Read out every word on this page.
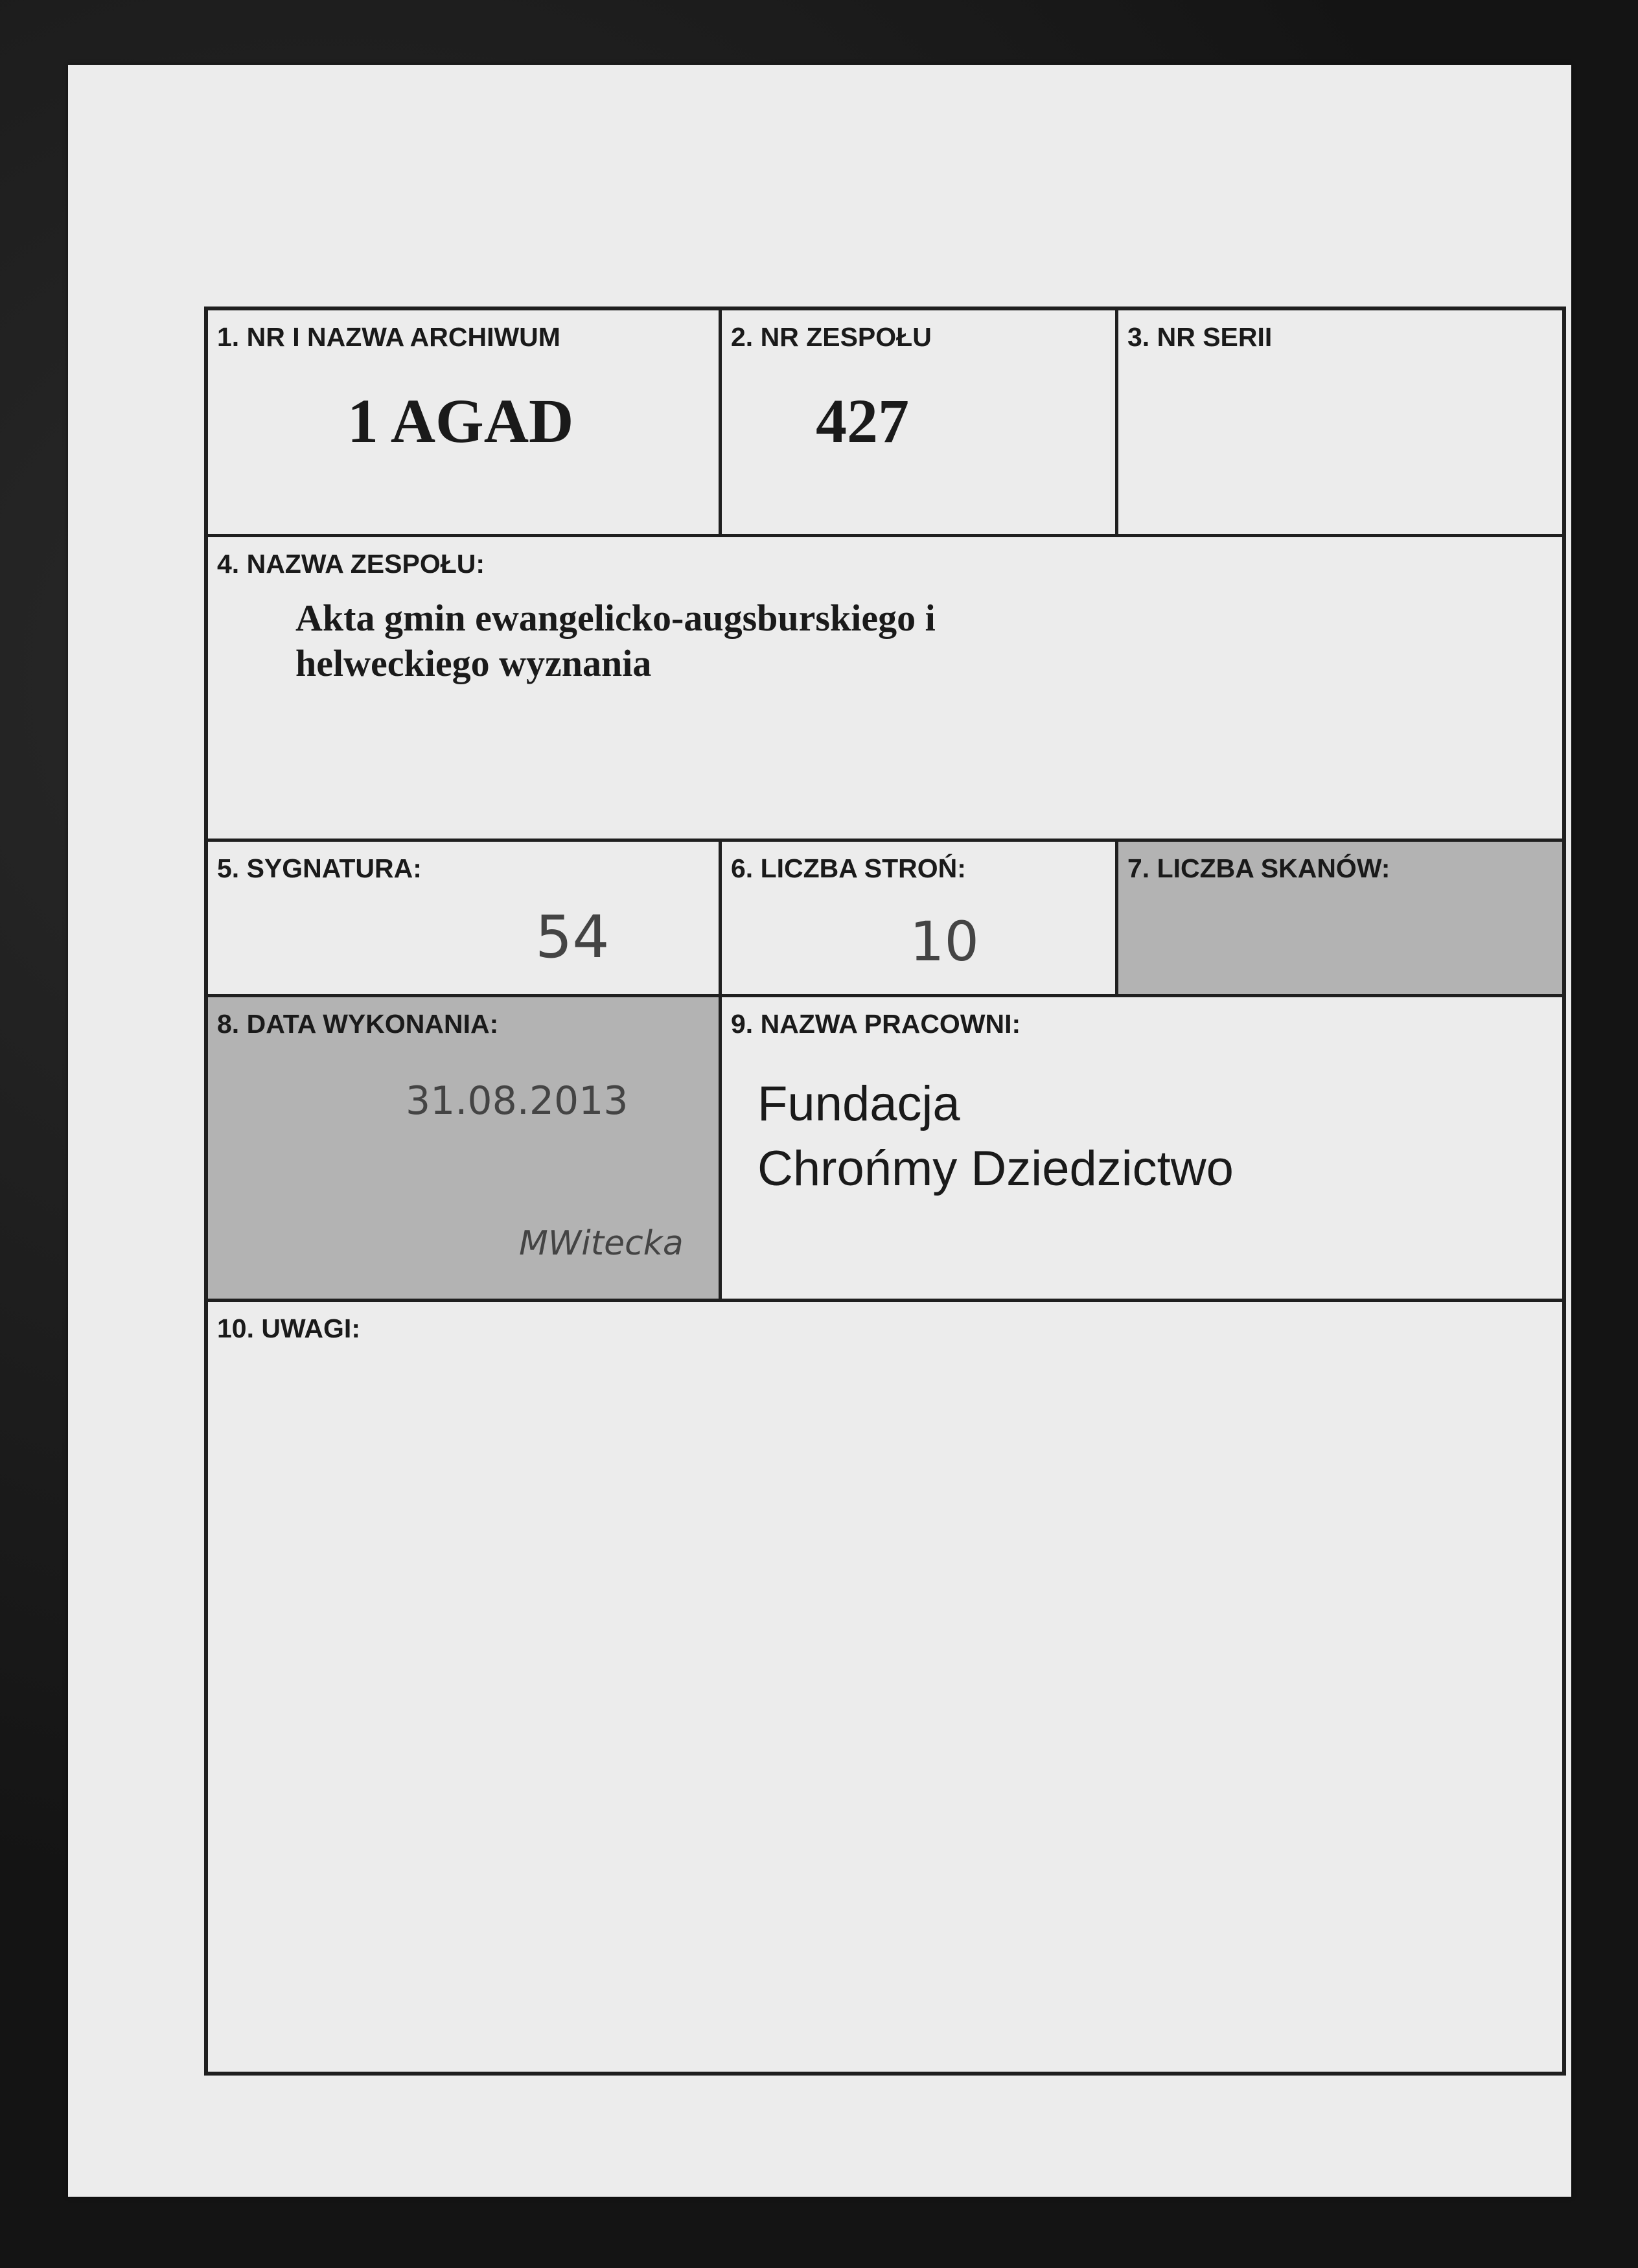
1. NR I NAZWA ARCHIWUM
1 AGAD
2. NR ZESPOŁU
427
3. NR SERII
4. NAZWA ZESPOŁU:
Akta gmin ewangelicko-augsburskiego i
helweckiego wyznania
5. SYGNATURA:
54
6. LICZBA STROŃ:
10
7. LICZBA SKANÓW:
8. DATA WYKONANIA:
31.08.2013
MWitecka
9. NAZWA PRACOWNI:
Fundacja
Chrońmy Dziedzictwo
10. UWAGI:
